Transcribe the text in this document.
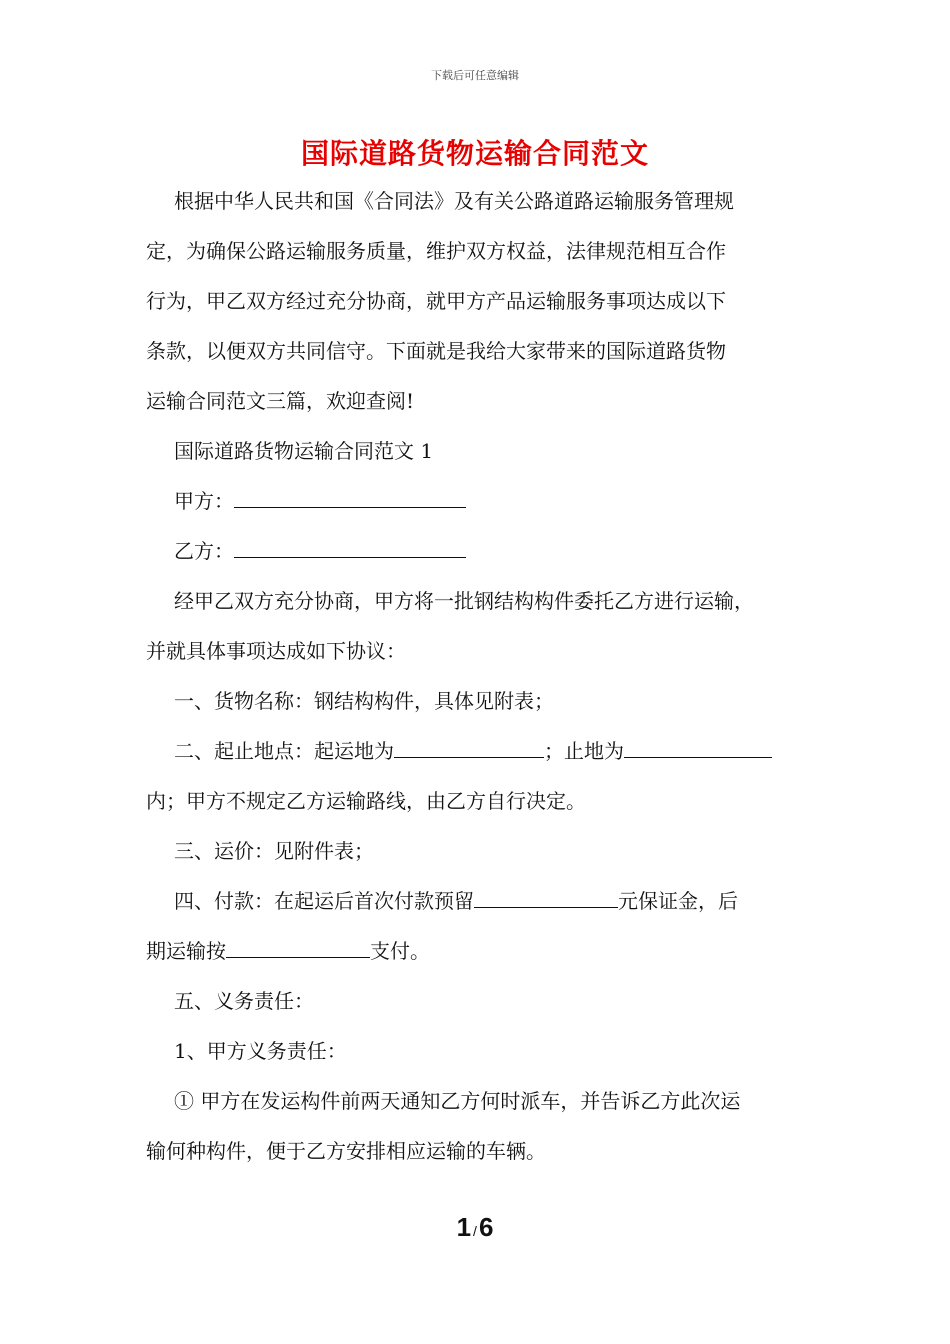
下载后可任意编辑
国际道路货物运输合同范文
根据中华人民共和国《合同法》及有关公路道路运输服务管理规
定，为确保公路运输服务质量，维护双方权益，法律规范相互合作
行为，甲乙双方经过充分协商，就甲方产品运输服务事项达成以下
条款，以便双方共同信守。下面就是我给大家带来的国际道路货物
运输合同范文三篇，欢迎查阅!
国际道路货物运输合同范文 1
甲方：
乙方：
经甲乙双方充分协商，甲方将一批钢结构构件委托乙方进行运输，
并就具体事项达成如下协议：
一、货物名称：钢结构构件，具体见附表；
二、起止地点：起运地为	；止地为
内；甲方不规定乙方运输路线，由乙方自行决定。
三、运价：见附件表；
四、付款：在起运后首次付款预留	元保证金，后
期运输按	支付。
五、义务责任：
1、甲方义务责任：
① 甲方在发运构件前两天通知乙方何时派车，并告诉乙方此次运
输何种构件，便于乙方安排相应运输的车辆。
1 /6
